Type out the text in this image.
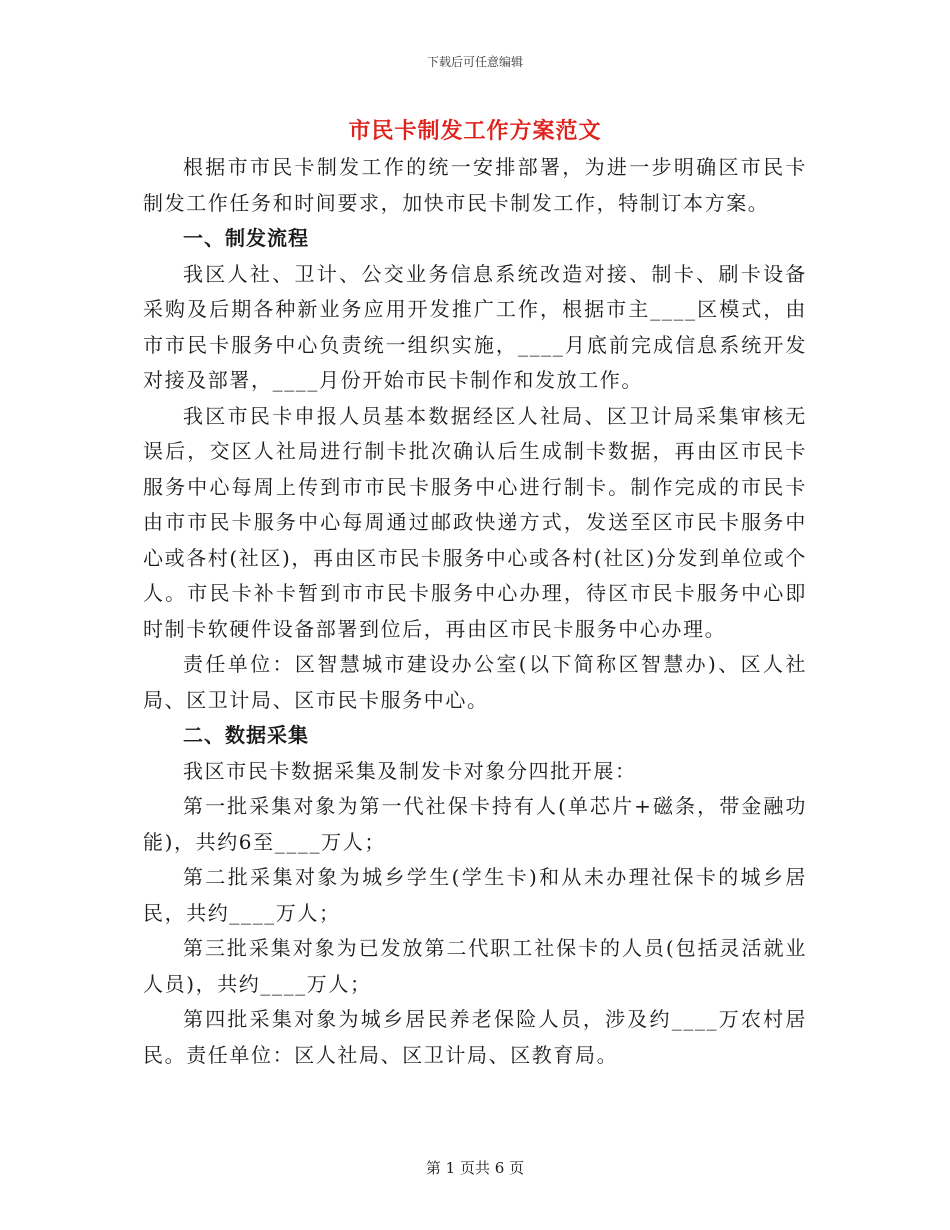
下载后可任意编辑
市民卡制发工作方案范文

根据市市民卡制发工作的统一安排部署，为进一步明确区市民卡制发工作任务和时间要求，加快市民卡制发工作，特制订本方案。

一、制发流程

我区人社、卫计、公交业务信息系统改造对接、制卡、刷卡设备采购及后期各种新业务应用开发推广工作，根据市主____区模式，由市市民卡服务中心负责统一组织实施，____月底前完成信息系统开发对接及部署，____月份开始市民卡制作和发放工作。

我区市民卡申报人员基本数据经区人社局、区卫计局采集审核无误后，交区人社局进行制卡批次确认后生成制卡数据，再由区市民卡服务中心每周上传到市市民卡服务中心进行制卡。制作完成的市民卡由市市民卡服务中心每周通过邮政快递方式，发送至区市民卡服务中心或各村(社区)，再由区市民卡服务中心或各村(社区)分发到单位或个人。市民卡补卡暂到市市民卡服务中心办理，待区市民卡服务中心即时制卡软硬件设备部署到位后，再由区市民卡服务中心办理。

责任单位：区智慧城市建设办公室(以下简称区智慧办)、区人社局、区卫计局、区市民卡服务中心。

二、数据采集

我区市民卡数据采集及制发卡对象分四批开展：

第一批采集对象为第一代社保卡持有人(单芯片+磁条，带金融功能)，共约6至____万人；

第二批采集对象为城乡学生(学生卡)和从未办理社保卡的城乡居民，共约____万人；

第三批采集对象为已发放第二代职工社保卡的人员(包括灵活就业人员)，共约____万人；

第四批采集对象为城乡居民养老保险人员，涉及约____万农村居民。责任单位：区人社局、区卫计局、区教育局。

第 1 页共 6 页
